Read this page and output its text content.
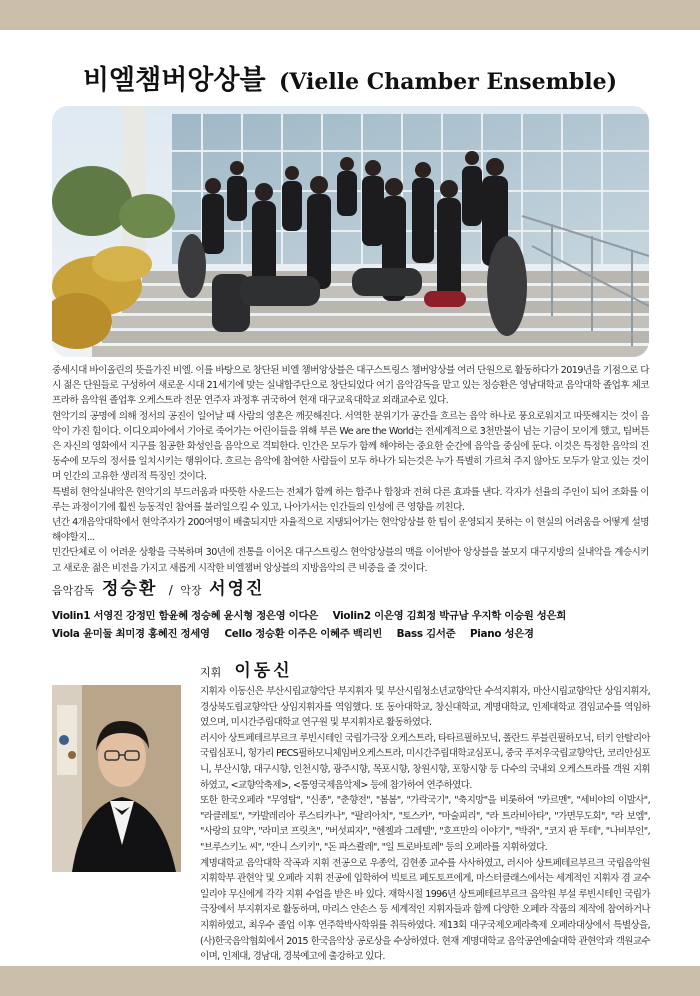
비엘챔버앙상블 (Vielle Chamber Ensemble)

중세시대 바이올린의 뜻을가진 비엘. 이를 바탕으로 창단된 비엘 챔버앙상블은 대구스트링스 챔버앙상블 여러 단원으로 활동하다가 2019년을 기점으로 다시 젊은 단원들로 구성하여 새로운 시대 21세기에 맞는 실내합주단으로 창단되었다 여기 음악감독을 맡고 있는 정승환은 영남대학교 음악대학 졸업후 체코 프라하 음악원 졸업후 오케스트라 전문 연주자 과정후 귀국하여 현재 대구교육대학교 외래교수로 있다.

현악기의 공명에 의해 정서의 공진이 일어날 때 사람의 영혼은 깨끗해진다. 서역한 분위기가 공간을 흐르는 음악 하나로 풍요로워지고 따뜻해지는 것이 음악이 가진 힘이다. 이디오피아에서 기아로 죽어가는 어린이들을 위해 부른 We are the World는 전세계적으로 3천만불이 넘는 기금이 모이게 했고, 팀버튼은 자신의 영화에서 지구를 침공한 화성인을 음악으로 격퇴한다. 인간은 모두가 함께 해야하는 중요한 순간에 음악을 중심에 둔다. 이것은 특정한 음악의 진동수에 모두의 정서를 일치시키는 행위이다. 흐르는 음악에 참여한 사람들이 모두 하나가 되는것은 누가 특별히 가르쳐 주지 않아도 모두가 알고 있는 것이며 인간의 고유한 생리적 특징인 것이다.

특별히 현악실내악은 현악기의 부드러움과 따뜻한 사운드는 전체가 함께 하는 합주나 합창과 전혀 다른 효과를 낸다. 각자가 선율의 주인이 되어 조화를 이루는 과정이기에 훨씬 능동적인 참여를 불러일으킬 수 있고, 나아가서는 인간들의 인성에 큰 영향을 끼친다.

년간 4개음악대학에서 현악주자가 200여명이 배출되지만 자율적으로 지탱되어가는 현악앙상블 한 팀이 운영되지 못하는 이 현실의 어려움을 어떻게 설명해야할지...

민간단체로 이 어려운 상황을 극복하며 30년에 전통을 이어온 대구스트링스 현악앙상블의 맥을 이어받아 앙상블을 불모지 대구지방의 실내악을 계승시키고 새로운 젊은 비전을 가지고 새롭게 시작한 비엘챔버 앙상블의 지방음악의 큰 비중을 줄 것이다.

음악감독 정승환 / 악장 서영진
Violin1 서영진 강정민 함윤혜 정승혜 윤시형 정은영 이다은 Violin2 이은영 김희정 박규남 우지학 이승원 성은희
Viola 윤미둘 최미경 홍혜진 정세영 Cello 정승환 이주은 이혜주 백리빈 Bass 김서준 Piano 성은경
지휘 이동신

지휘자 이동신은 부산시립교향악단 부지휘자 및 부산시립청소년교향악단 수석지휘자, 마산시립교향악단 상임지휘자, 경상북도립교향악단 상임지휘자를 역임했다. 또 동아대학교, 창신대학교, 계명대학교, 인제대학교 겸임교수를 역임하였으며, 미시간주립대학교 연구원 및 부지휘자로 활동하였다.

러시아 상트페테르부르크 루빈시테인 국립가극장 오케스트라, 타타르필하모닉, 폴란드 루블린필하모닉, 터키 안탈리아국립심포니, 헝가리 PECS필하모니체임버오케스트라, 미시간주립대학교심포니, 중국 푸저우국립교향악단, 코리안심포니, 부산시향, 대구시향, 인천시향, 광주시향, 목포시향, 창원시향, 포항시향 등 다수의 국내외 오케스트라를 객원 지휘하였고, <교향악축제>, <통영국제음악제> 등에 참가하여 연주하였다.

또한 한국오페라 "무영탑", "신종", "춘향전", "봄봄", "가락국기", "축지망"을 비롯하여 "카르멘", "세비야의 이발사", "라클레토", "카발레리아 루스티카나", "팔리아치", "토스카", "마술피리", "라 트라비아타", "가면무도회", "라 보엠", "사랑의 묘약", "라미코 프릿츠", "버섯피자", "헨젤과 그레텔", "호프만의 이야기", "박쥐", "코지 판 투테", "나비부인", "브루스키노 씨", "잔니 스키키", "돈 파스콸레", "일 트로바토레" 등의 오페라를 지휘하였다.

계명대학교 음악대학 작곡과 지휘 전공으로 우종억, 김현종 교수를 사사하였고, 러시아 상트페테르부르크 국립음악원 지휘학부 관현악 및 오페라 지휘 전공에 입학하여 빅토르 페도토프에게, 마스터클래스에서는 세계적인 지휘자 겸 교수 일리야 무신에게 각각 지휘 수업을 받은 바 있다. 재학시절 1996년 상트페테르부르크 음악원 부설 루빈시테인 국립가극장에서 부지휘자로 활동하며, 마리스 얀손스 등 세계적인 지휘자들과 함께 다양한 오페라 작품의 제작에 참여하거나 지휘하였고, 최우수 졸업 이후 연주학박사학위를 취득하였다. 제13회 대구국제오페라축제 오페라대상에서 특별상을, (사)한국음악협회에서 2015 한국음악상 공로상을 수상하였다. 현재 계명대학교 음악공연예술대학 관현악과 객원교수이며, 인제대, 경남대, 경북예고에 출강하고 있다.
